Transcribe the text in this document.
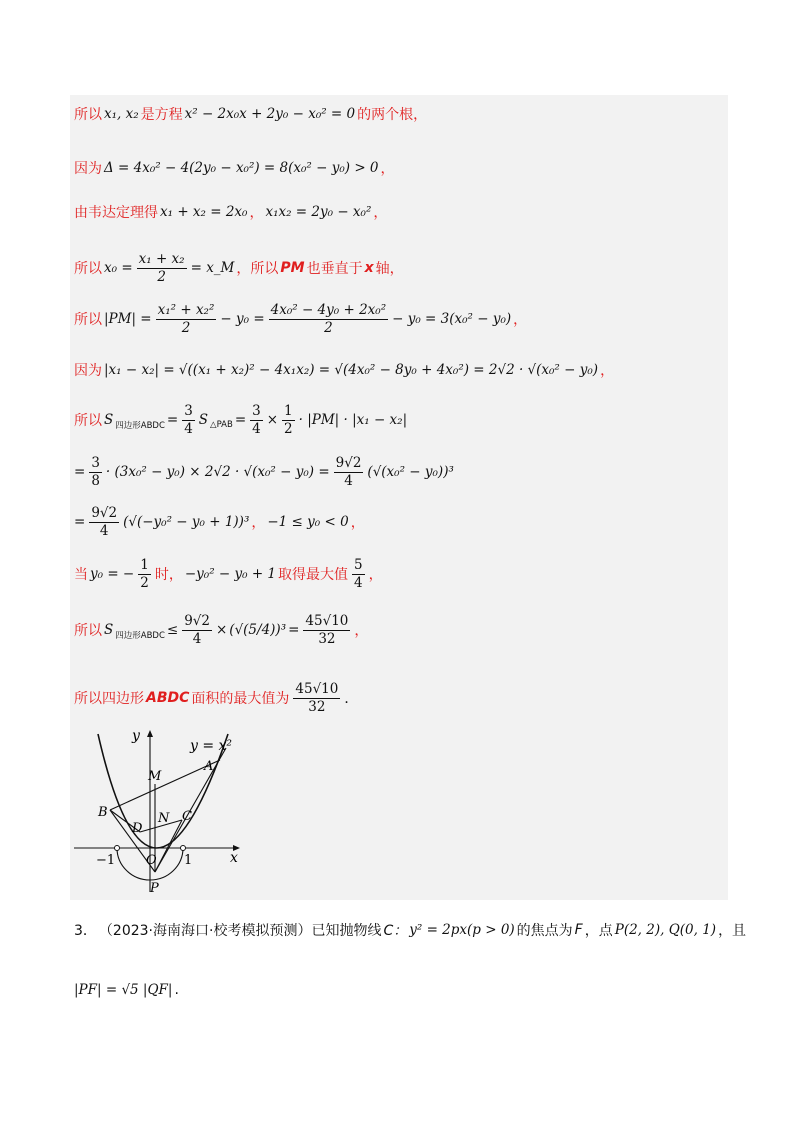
所以 x₁, x₂ 是方程 x² − 2x₀x + 2y₀ − x₀² = 0 的两个根，
因为 Δ = 4x₀² − 4(2y₀ − x₀²) = 8(x₀² − y₀) > 0 ，
由韦达定理得 x₁ + x₂ = 2x₀ ， x₁x₂ = 2y₀ − x₀² ，
所以 $x_0 = \frac{\text{x₁ + x₂}}{2}$ = x_M ，所以 PM 也垂直于 x 轴，
所以 $|PM| = \frac{\text{x₁² + x₂²}}{2} - y_0 = \frac{\text{4x₀² − 4y₀ + 2x₀²}}{2} - y_0 = 3(x_0^2 - y_0)$ ，
因为 |x₁ − x₂| = √((x₁ + x₂)² − 4x₁x₂) = √(4x₀² − 8y₀ + 4x₀²) = 2√2 · √(x₀² − y₀) ，
所以 S 四边形ABDC = $\frac{3}{4}$ S △PAB = $\frac{3}{4} \times \frac{1}{2} \cdot |PM| \cdot |x_1 - x_2|$
= $\frac{3}{8} \cdot (3x_0^2 - y_0) \times 2√2 \cdot √(x_0^2 - y_0) = \frac{9√2}{4} (√(x_0^2 - y_0))^3$
= $\frac{9√2}{4} (√(-y_0^2 - y_0 + 1))^3$ ， −1 ≤ y₀ < 0 ，
当 y₀ = − $\frac{1}{2}$ 时， −y₀² − y₀ + 1 取得最大值 $\frac{5}{4}$ ，
所以 S 四边形ABDC ≤ $\frac{9√2}{4} \times (√(5/4))^3 = \frac{45√10}{32}$ ，
所以四边形 ABDC 面积的最大值为 $\frac{45√10}{32}$ ．
y = x²
y
x
A
M
B	N C
D
O
P
−1	1
3． （2023·海南海口·校考模拟预测）已知抛物线 C： y² = 2px(p > 0) 的焦点为 F ，点 P(2, 2), Q(0, 1) ，且
|PF| = √5 |QF| .
